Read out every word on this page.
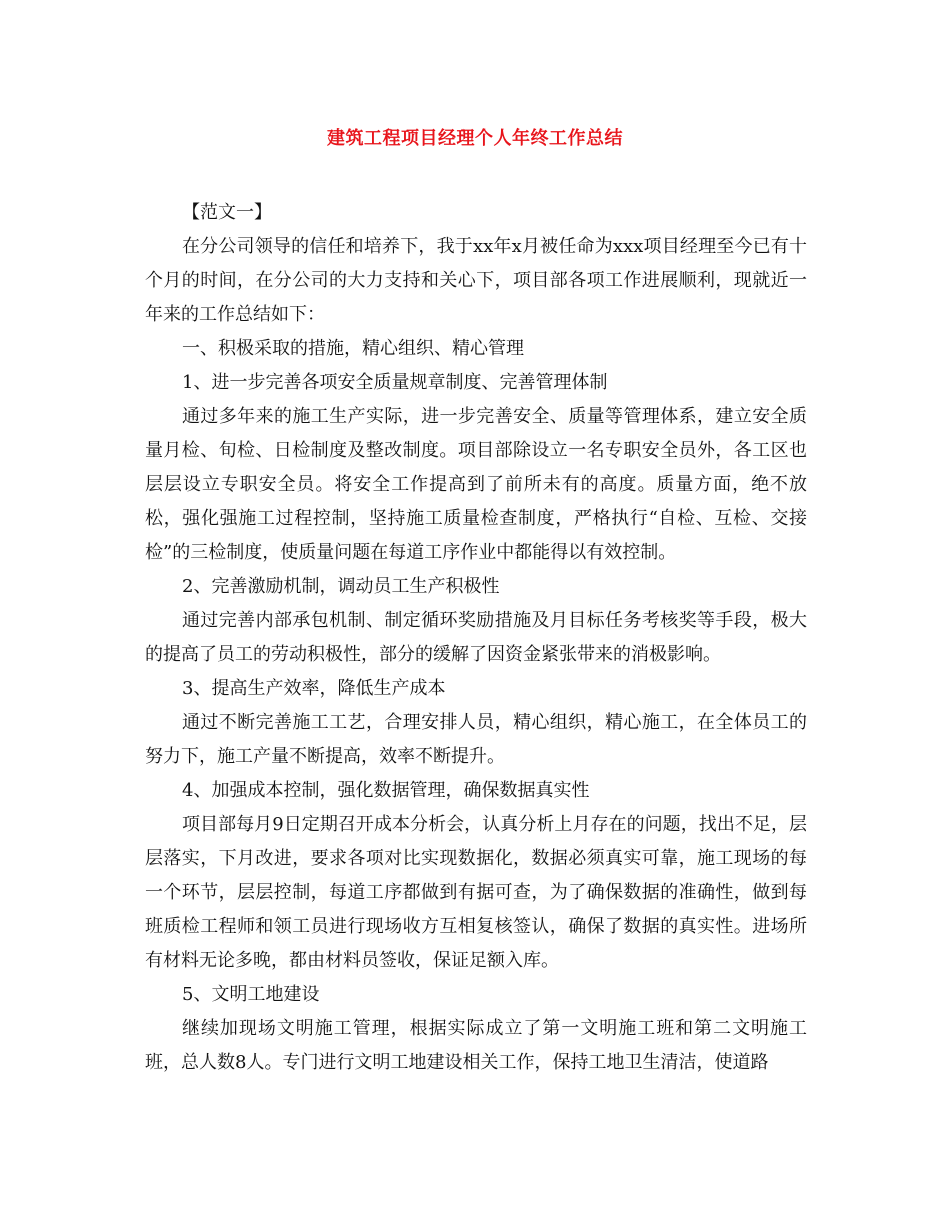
建筑工程项目经理个人年终工作总结

【范文一】

在分公司领导的信任和培养下，我于xx年x月被任命为xxx项目经理至今已有十个月的时间，在分公司的大力支持和关心下，项目部各项工作进展顺利，现就近一年来的工作总结如下：

一、积极采取的措施，精心组织、精心管理

1、进一步完善各项安全质量规章制度、完善管理体制

通过多年来的施工生产实际，进一步完善安全、质量等管理体系，建立安全质量月检、旬检、日检制度及整改制度。项目部除设立一名专职安全员外，各工区也层层设立专职安全员。将安全工作提高到了前所未有的高度。质量方面，绝不放松，强化强施工过程控制，坚持施工质量检查制度，严格执行“自检、互检、交接检”的三检制度，使质量问题在每道工序作业中都能得以有效控制。

2、完善激励机制，调动员工生产积极性

通过完善内部承包机制、制定循环奖励措施及月目标任务考核奖等手段，极大的提高了员工的劳动积极性，部分的缓解了因资金紧张带来的消极影响。

3、提高生产效率，降低生产成本

通过不断完善施工工艺，合理安排人员，精心组织，精心施工，在全体员工的努力下，施工产量不断提高，效率不断提升。

4、加强成本控制，强化数据管理，确保数据真实性

项目部每月9日定期召开成本分析会，认真分析上月存在的问题，找出不足，层层落实，下月改进，要求各项对比实现数据化，数据必须真实可靠，施工现场的每一个环节，层层控制，每道工序都做到有据可查，为了确保数据的准确性，做到每班质检工程师和领工员进行现场收方互相复核签认，确保了数据的真实性。进场所有材料无论多晚，都由材料员签收，保证足额入库。

5、文明工地建设

继续加现场文明施工管理，根据实际成立了第一文明施工班和第二文明施工班，总人数8人。专门进行文明工地建设相关工作，保持工地卫生清洁，使道路
